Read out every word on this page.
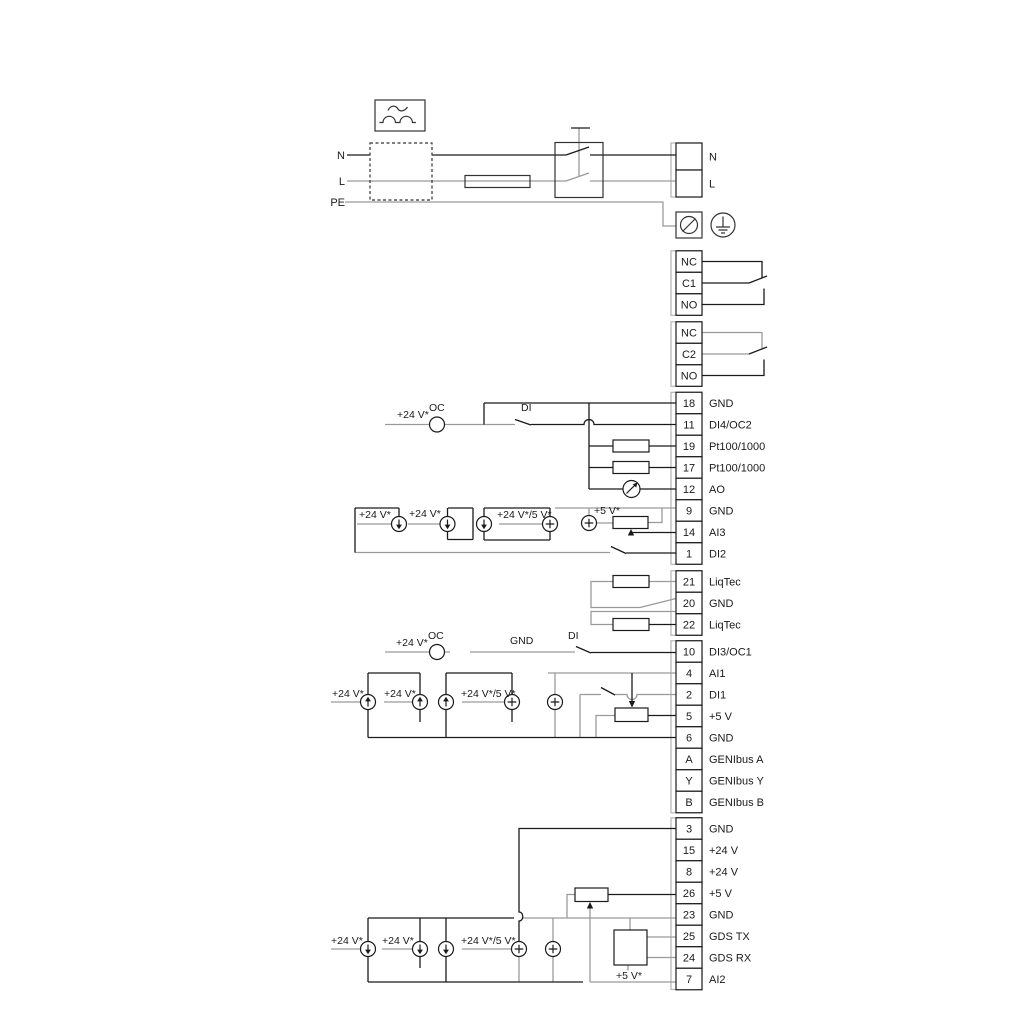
NC
C1
NO
NC
C2
NO
18 GND
11 DI4/OC2
19 Pt100/1000
17 Pt100/1000
12 AO
9 GND
14 AI3
1 DI2
21 LiqTec
20 GND
22 LiqTec
10 DI3/OC1
4 AI1
2 DI1
5 +5 V
6 GND
A GENIbus A
Y GENIbus Y
B GENIbus B
3 GND
15 +24 V
8 +24 V
26 +5 V
23 GND
25 GDS TX
24 GDS RX
7 AI2
N
L
PE
N
L
+24 V*
OC	DI
+24 V* +24 V*	+24 V*/5 V*	+5 V*
+24 V*
OC	GND	DI
+24 V* +24 V*	+24 V*/5 V*
+24 V* +24 V*	+24 V*/5 V*
+5 V*
